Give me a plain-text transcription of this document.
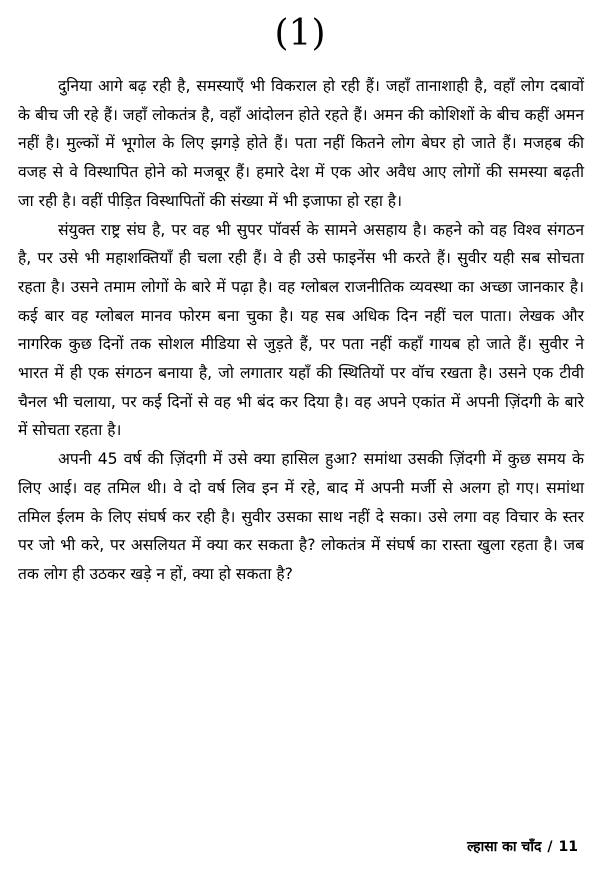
(1)

दुनिया आगे बढ़ रही है, समस्याएँ भी विकराल हो रही हैं। जहाँ तानाशाही है, वहाँ लोग दबावों के बीच जी रहे हैं। जहाँ लोकतंत्र है, वहाँ आंदोलन होते रहते हैं। अमन की कोशिशों के बीच कहीं अमन नहीं है। मुल्कों में भूगोल के लिए झगड़े होते हैं। पता नहीं कितने लोग बेघर हो जाते हैं। मजहब की वजह से वे विस्थापित होने को मजबूर हैं। हमारे देश में एक ओर अवैध आए लोगों की समस्या बढ़ती जा रही है। वहीं पीड़ित विस्थापितों की संख्या में भी इजाफा हो रहा है।

संयुक्त राष्ट्र संघ है, पर वह भी सुपर पॉवर्स के सामने असहाय है। कहने को वह विश्व संगठन है, पर उसे भी महाशक्तियाँ ही चला रही हैं। वे ही उसे फाइनेंस भी करते हैं। सुवीर यही सब सोचता रहता है। उसने तमाम लोगों के बारे में पढ़ा है। वह ग्लोबल राजनीतिक व्यवस्था का अच्छा जानकार है। कई बार वह ग्लोबल मानव फोरम बना चुका है। यह सब अधिक दिन नहीं चल पाता। लेखक और नागरिक कुछ दिनों तक सोशल मीडिया से जुड़ते हैं, पर पता नहीं कहाँ गायब हो जाते हैं। सुवीर ने भारत में ही एक संगठन बनाया है, जो लगातार यहाँ की स्थितियों पर वॉच रखता है। उसने एक टीवी चैनल भी चलाया, पर कई दिनों से वह भी बंद कर दिया है। वह अपने एकांत में अपनी ज़िंदगी के बारे में सोचता रहता है।

अपनी 45 वर्ष की ज़िंदगी में उसे क्या हासिल हुआ? समांथा उसकी ज़िंदगी में कुछ समय के लिए आई। वह तमिल थी। वे दो वर्ष लिव इन में रहे, बाद में अपनी मर्जी से अलग हो गए। समांथा तमिल ईलम के लिए संघर्ष कर रही है। सुवीर उसका साथ नहीं दे सका। उसे लगा वह विचार के स्तर पर जो भी करे, पर असलियत में क्या कर सकता है? लोकतंत्र में संघर्ष का रास्ता खुला रहता है। जब तक लोग ही उठकर खड़े न हों, क्या हो सकता है?

ल्हासा का चाँद / 11
